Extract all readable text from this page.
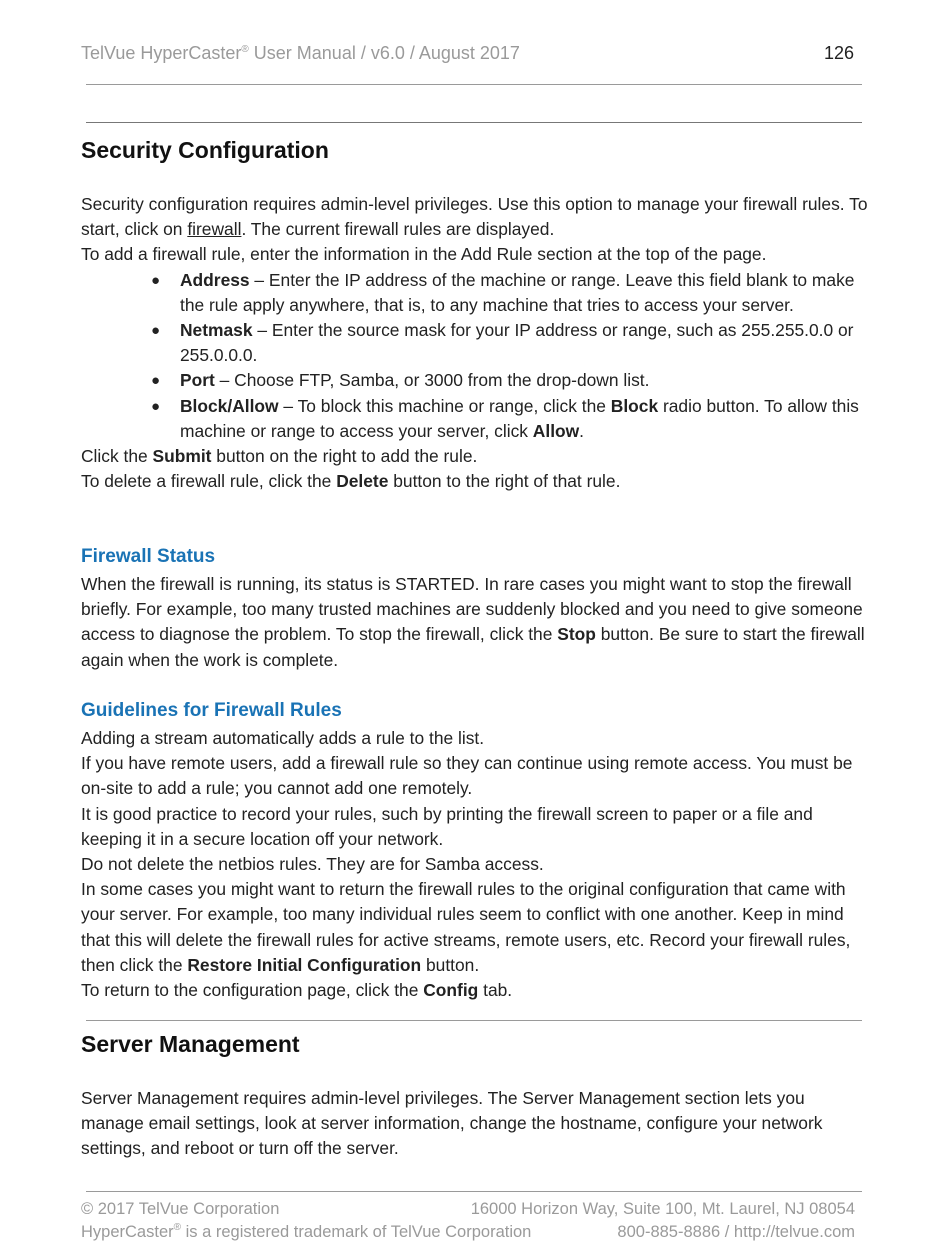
TelVue HyperCaster® User Manual / v6.0 / August 2017	126
Security Configuration

Security configuration requires admin-level privileges. Use this option to manage your firewall rules. To start, click on firewall. The current firewall rules are displayed.

To add a firewall rule, enter the information in the Add Rule section at the top of the page.

● Address – Enter the IP address of the machine or range. Leave this field blank to make the rule apply anywhere, that is, to any machine that tries to access your server.
● Netmask – Enter the source mask for your IP address or range, such as 255.255.0.0 or 255.0.0.0.
● Port – Choose FTP, Samba, or 3000 from the drop-down list.
● Block/Allow – To block this machine or range, click the Block radio button. To allow this machine or range to access your server, click Allow.

Click the Submit button on the right to add the rule.

To delete a firewall rule, click the Delete button to the right of that rule.

Firewall Status

When the firewall is running, its status is STARTED. In rare cases you might want to stop the firewall briefly. For example, too many trusted machines are suddenly blocked and you need to give someone access to diagnose the problem. To stop the firewall, click the Stop button. Be sure to start the firewall again when the work is complete.

Guidelines for Firewall Rules

Adding a stream automatically adds a rule to the list.

If you have remote users, add a firewall rule so they can continue using remote access. You must be on-site to add a rule; you cannot add one remotely.

It is good practice to record your rules, such by printing the firewall screen to paper or a file and keeping it in a secure location off your network.

Do not delete the netbios rules. They are for Samba access.

In some cases you might want to return the firewall rules to the original configuration that came with your server. For example, too many individual rules seem to conflict with one another. Keep in mind that this will delete the firewall rules for active streams, remote users, etc. Record your firewall rules, then click the Restore Initial Configuration button.

To return to the configuration page, click the Config tab.

Server Management

Server Management requires admin-level privileges. The Server Management section lets you manage email settings, look at server information, change the hostname, configure your network settings, and reboot or turn off the server.

© 2017 TelVue Corporation	16000 Horizon Way, Suite 100, Mt. Laurel, NJ 08054
HyperCaster® is a registered trademark of TelVue Corporation	800-885-8886 / http://telvue.com
